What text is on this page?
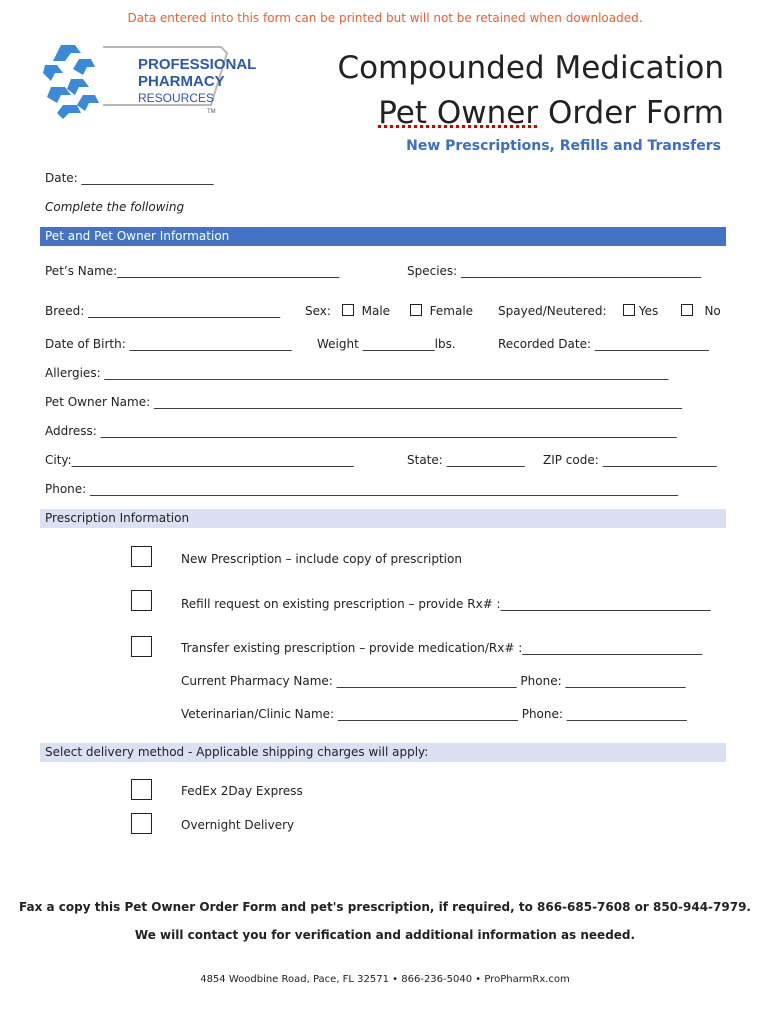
Data entered into this form can be printed but will not be retained when downloaded.
PROFESSIONAL
PHARMACY
RESOURCES
TM
Compounded Medication
Pet Owner Order Form
New Prescriptions, Refills and Transfers
Date: ______________________
Complete the following
Pet and Pet Owner Information
Pet’s Name:_____________________________________	Species: ________________________________________
Breed: ________________________________ Sex:	Male	Female Spayed/Neutered:	Yes	No
Date of Birth: ___________________________ Weight ____________lbs.	Recorded Date: ___________________
Allergies: ______________________________________________________________________________________________
Pet Owner Name: ________________________________________________________________________________________
Address: ________________________________________________________________________________________________
City:_______________________________________________	State: _____________ ZIP code: ___________________
Phone: __________________________________________________________________________________________________
Prescription Information
New Prescription – include copy of prescription
Refill request on existing prescription – provide Rx# :___________________________________
Transfer existing prescription – provide medication/Rx# :______________________________
Current Pharmacy Name: ______________________________ Phone: ____________________
Veterinarian/Clinic Name: ______________________________ Phone: ____________________
Select delivery method - Applicable shipping charges will apply:
FedEx 2Day Express
Overnight Delivery
Fax a copy this Pet Owner Order Form and pet's prescription, if required, to 866-685-7608 or 850-944-7979.
We will contact you for verification and additional information as needed.
4854 Woodbine Road, Pace, FL 32571 • 866-236-5040 • ProPharmRx.com
